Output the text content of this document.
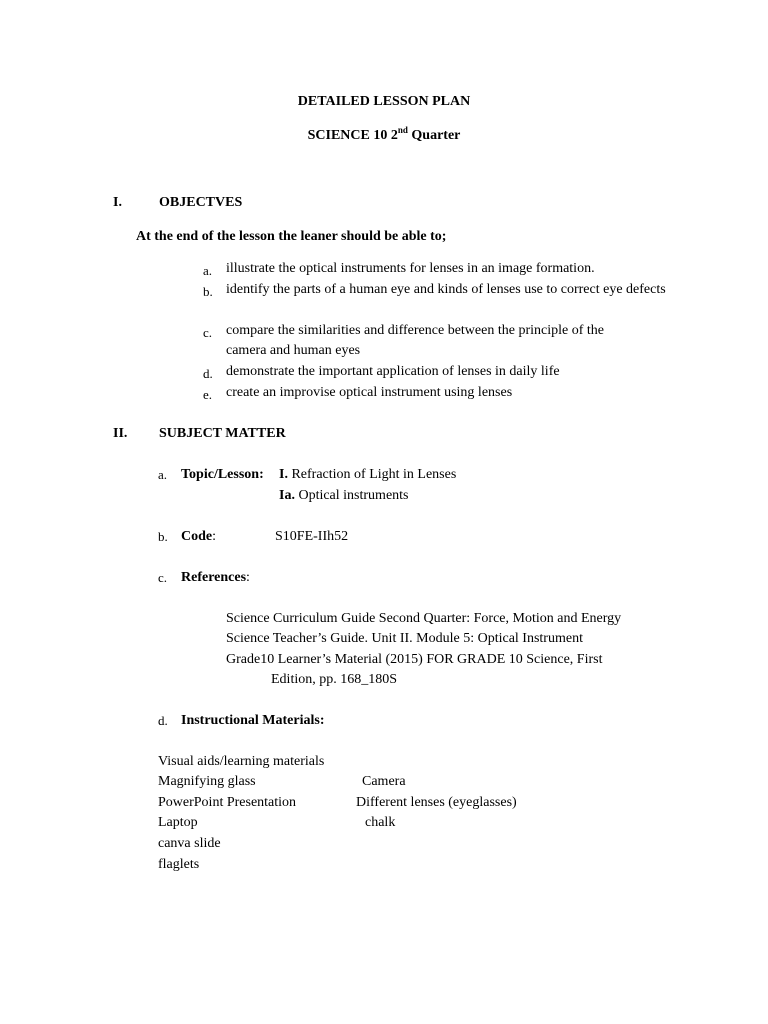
DETAILED LESSON PLAN
SCIENCE 10 2nd Quarter
I.	OBJECTVES
At the end of the lesson the leaner should be able to;
a. illustrate the optical instruments for lenses in an image formation.
b. identify the parts of a human eye and kinds of lenses use to correct eye defects
c. compare the similarities and difference between the principle of the camera and human eyes
d. demonstrate the important application of lenses in daily life
e. create an improvise optical instrument using lenses
II. SUBJECT MATTER
a. Topic/Lesson: I. Refraction of Light in Lenses
Ia. Optical instruments
b. Code:	S10FE-IIh52
c. References:
Science Curriculum Guide Second Quarter: Force, Motion and Energy
Science Teacher’s Guide. Unit II. Module 5: Optical Instrument
Grade10 Learner’s Material (2015) FOR GRADE 10 Science, First
Edition, pp. 168_180S
d. Instructional Materials:
Visual aids/learning materials
Magnifying glass
PowerPoint Presentation
Laptop
canva slide
flaglets
Camera
Different lenses (eyeglasses)
chalk
